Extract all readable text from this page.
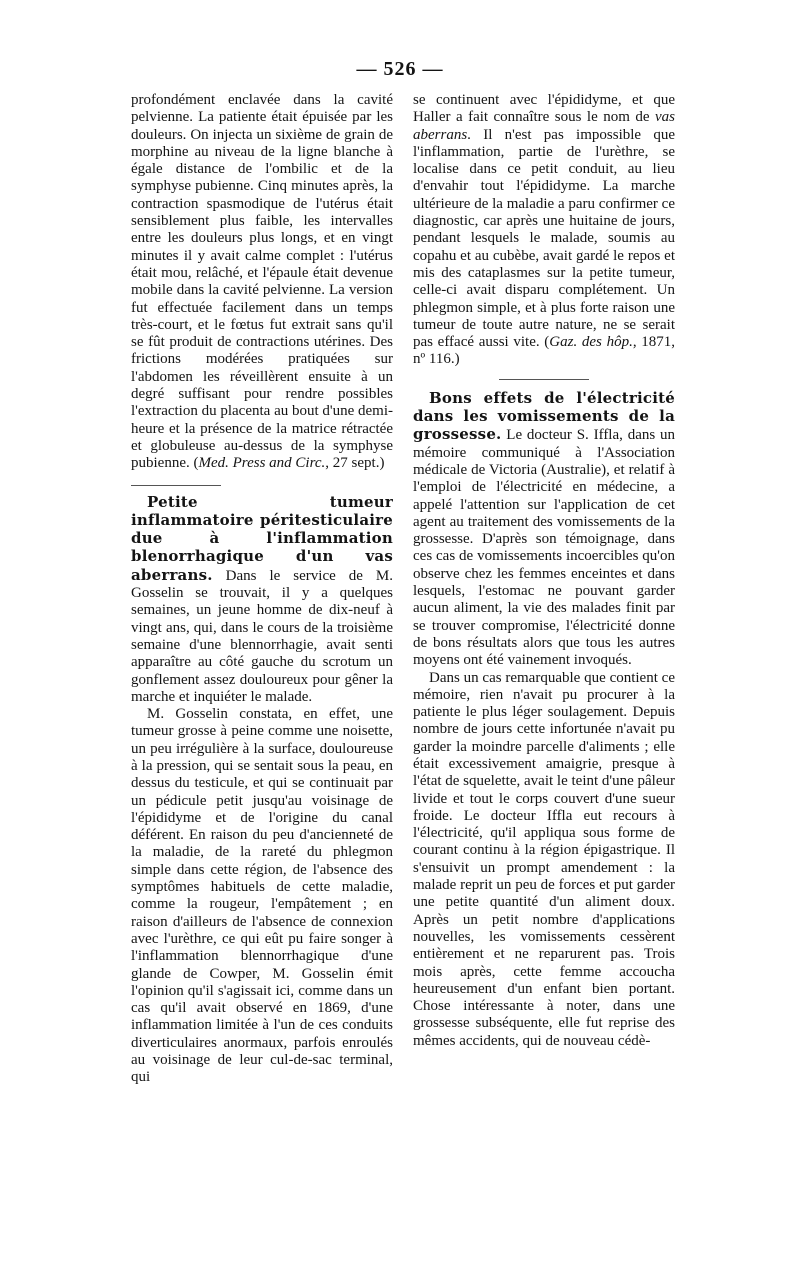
— 526 —

profondément enclavée dans la cavité pelvienne. La patiente était épuisée par les douleurs. On injecta un sixième de grain de morphine au niveau de la ligne blanche à égale distance de l'ombilic et de la symphyse pubienne. Cinq minutes après, la contraction spasmodique de l'utérus était sensiblement plus faible, les intervalles entre les douleurs plus longs, et en vingt minutes il y avait calme complet : l'utérus était mou, relâché, et l'épaule était devenue mobile dans la cavité pelvienne. La version fut effectuée facilement dans un temps très-court, et le fœtus fut extrait sans qu'il se fût produit de contractions utérines. Des frictions modérées pratiquées sur l'abdomen les réveillèrent ensuite à un degré suffisant pour rendre possibles l'extraction du placenta au bout d'une demi-heure et la présence de la matrice rétractée et globuleuse au-dessus de la symphyse pubienne. (Med. Press and Circ., 27 sept.)

Petite tumeur inflammatoire péritesticulaire due à l'inflammation blenorrhagique d'un vas aberrans. Dans le service de M. Gosselin se trouvait, il y a quelques semaines, un jeune homme de dix-neuf à vingt ans, qui, dans le cours de la troisième semaine d'une blennorrhagie, avait senti apparaître au côté gauche du scrotum un gonflement assez douloureux pour gêner la marche et inquiéter le malade.

M. Gosselin constata, en effet, une tumeur grosse à peine comme une noisette, un peu irrégulière à la surface, douloureuse à la pression, qui se sentait sous la peau, en dessus du testicule, et qui se continuait par un pédicule petit jusqu'au voisinage de l'épididyme et de l'origine du canal déférent. En raison du peu d'ancienneté de la maladie, de la rareté du phlegmon simple dans cette région, de l'absence des symptômes habituels de cette maladie, comme la rougeur, l'empâtement ; en raison d'ailleurs de l'absence de connexion avec l'urèthre, ce qui eût pu faire songer à l'inflammation blennorrhagique d'une glande de Cowper, M. Gosselin émit l'opinion qu'il s'agissait ici, comme dans un cas qu'il avait observé en 1869, d'une inflammation limitée à l'un de ces conduits diverticulaires anormaux, parfois enroulés au voisinage de leur cul-de-sac terminal, qui

se continuent avec l'épididyme, et que Haller a fait connaître sous le nom de vas aberrans. Il n'est pas impossible que l'inflammation, partie de l'urèthre, se localise dans ce petit conduit, au lieu d'envahir tout l'épididyme. La marche ultérieure de la maladie a paru confirmer ce diagnostic, car après une huitaine de jours, pendant lesquels le malade, soumis au copahu et au cubèbe, avait gardé le repos et mis des cataplasmes sur la petite tumeur, celle-ci avait disparu complétement. Un phlegmon simple, et à plus forte raison une tumeur de toute autre nature, ne se serait pas effacé aussi vite. (Gaz. des hôp., 1871, nº 116.)

Bons effets de l'électricité dans les vomissements de la grossesse. Le docteur S. Iffla, dans un mémoire communiqué à l'Association médicale de Victoria (Australie), et relatif à l'emploi de l'électricité en médecine, a appelé l'attention sur l'application de cet agent au traitement des vomissements de la grossesse. D'après son témoignage, dans ces cas de vomissements incoercibles qu'on observe chez les femmes enceintes et dans lesquels, l'estomac ne pouvant garder aucun aliment, la vie des malades finit par se trouver compromise, l'électricité donne de bons résultats alors que tous les autres moyens ont été vainement invoqués.

Dans un cas remarquable que contient ce mémoire, rien n'avait pu procurer à la patiente le plus léger soulagement. Depuis nombre de jours cette infortunée n'avait pu garder la moindre parcelle d'aliments ; elle était excessivement amaigrie, presque à l'état de squelette, avait le teint d'une pâleur livide et tout le corps couvert d'une sueur froide. Le docteur Iffla eut recours à l'électricité, qu'il appliqua sous forme de courant continu à la région épigastrique. Il s'ensuivit un prompt amendement : la malade reprit un peu de forces et put garder une petite quantité d'un aliment doux. Après un petit nombre d'applications nouvelles, les vomissements cessèrent entièrement et ne reparurent pas. Trois mois après, cette femme accoucha heureusement d'un enfant bien portant. Chose intéressante à noter, dans une grossesse subséquente, elle fut reprise des mêmes accidents, qui de nouveau cédè-
